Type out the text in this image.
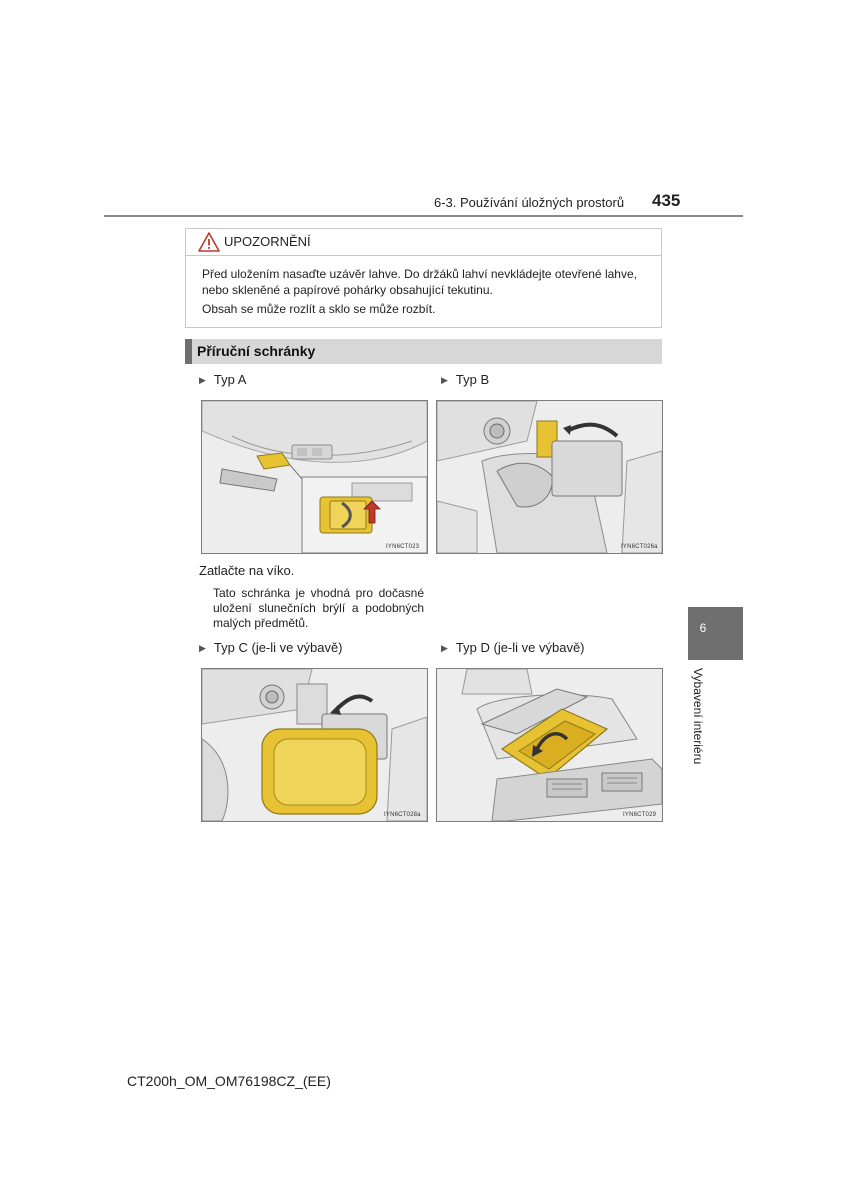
6-3. Používání úložných prostorů 435
UPOZORNĚNÍ

Před uložením nasaďte uzávěr lahve. Do držáků lahví nevkládejte otevřené lahve, nebo skleněné a papírové pohárky obsahující tekutinu.

Obsah se může rozlít a sklo se může rozbít.

Příruční schránky
▶ Typ A	▶ Typ B
IYN6CT023	IYN6CT026a
Zatlačte na víko.
Tato schránka je vhodná pro dočasné uložení slunečních brýlí a podobných malých předmětů.
▶ Typ C (je-li ve výbavě)	▶ Typ D (je-li ve výbavě)
IYN6CT028a	IYN6CT029
6
Vybavení interiéru
CT200h_OM_OM76198CZ_(EE)
